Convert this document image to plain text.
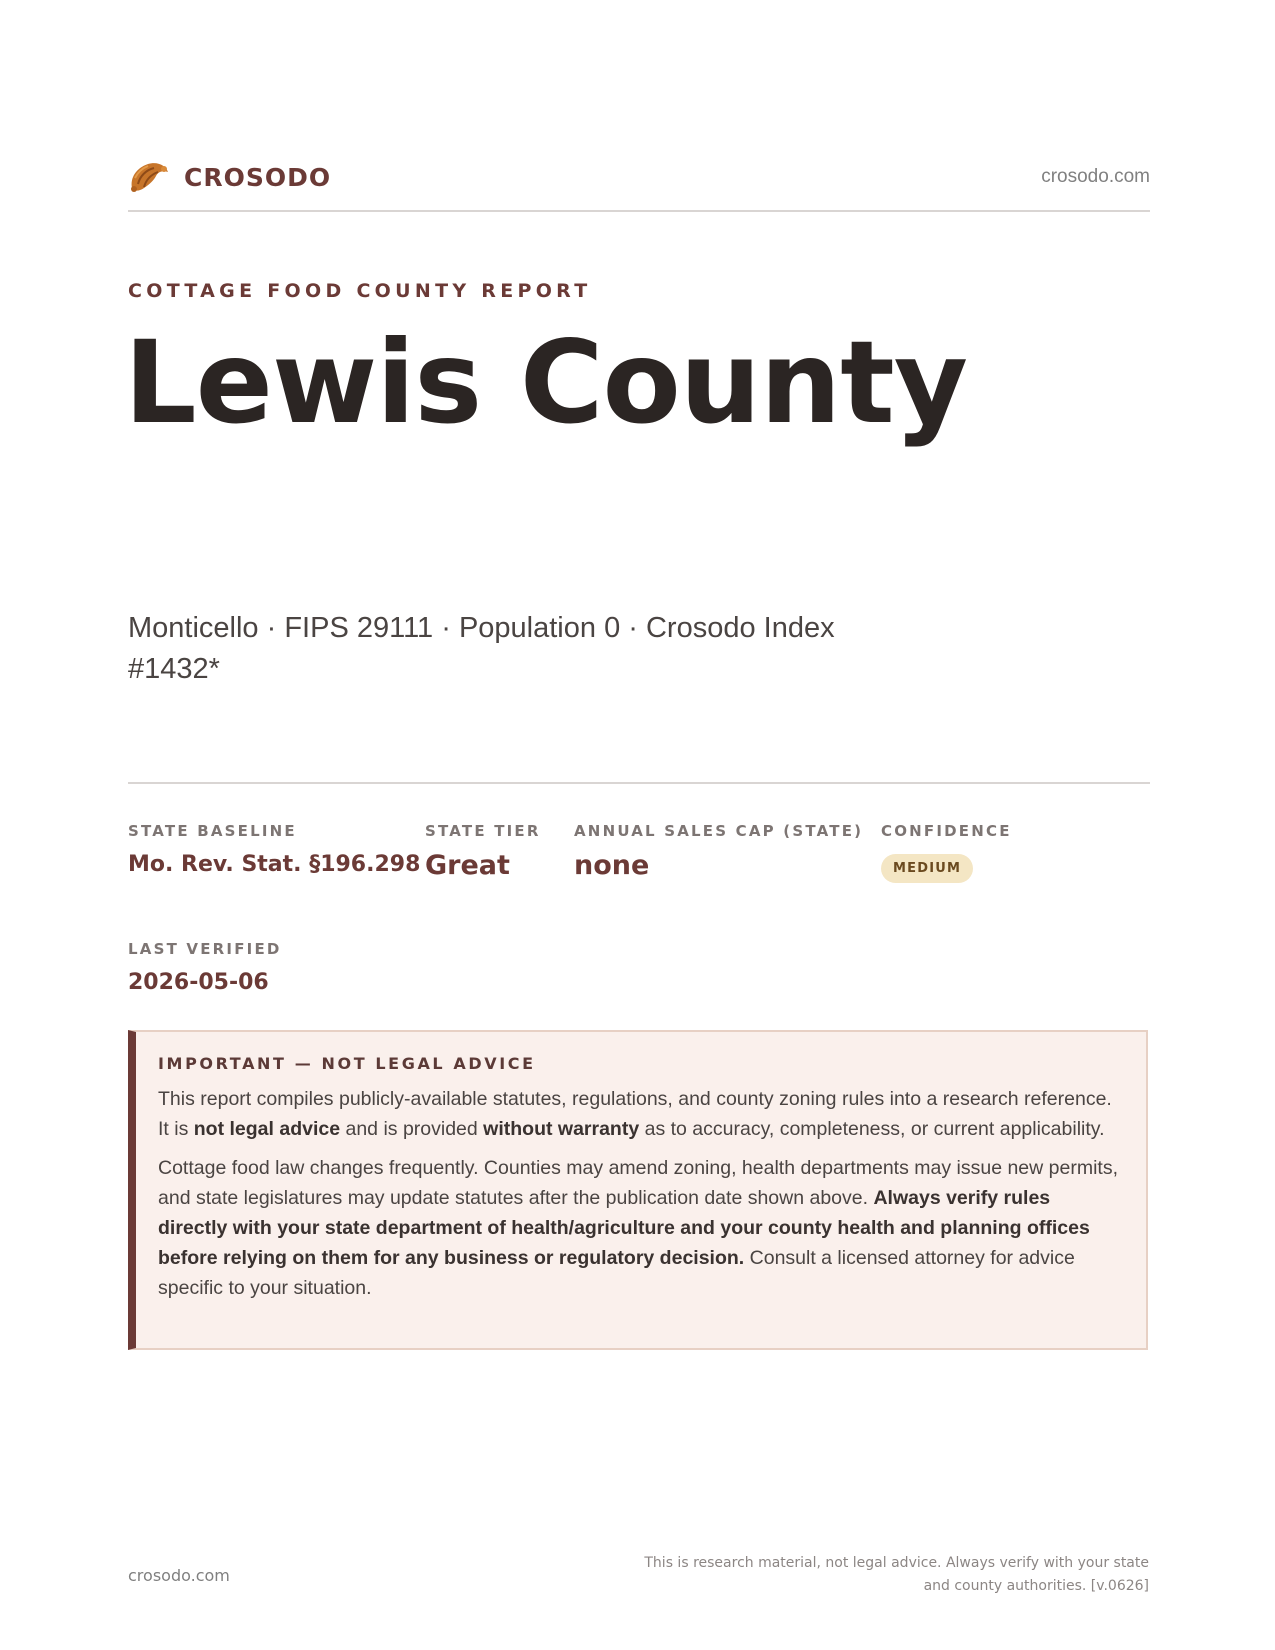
CROSODO	crosodo.com
COTTAGE FOOD COUNTY REPORT
Lewis County
Monticello · FIPS 29111 · Population 0 · Crosodo Index #1432*
STATE BASELINE
Mo. Rev. Stat. §196.298
STATE TIER
Great
ANNUAL SALES CAP (STATE)
none
CONFIDENCE
MEDIUM
LAST VERIFIED
2026-05-06
IMPORTANT — NOT LEGAL ADVICE

This report compiles publicly-available statutes, regulations, and county zoning rules into a research reference. It is not legal advice and is provided without warranty as to accuracy, completeness, or current applicability.

Cottage food law changes frequently. Counties may amend zoning, health departments may issue new permits, and state legislatures may update statutes after the publication date shown above. Always verify rules directly with your state department of health/agriculture and your county health and planning offices before relying on them for any business or regulatory decision. Consult a licensed attorney for advice specific to your situation.

crosodo.com
This is research material, not legal advice. Always verify with your state
and county authorities. [v.0626]
